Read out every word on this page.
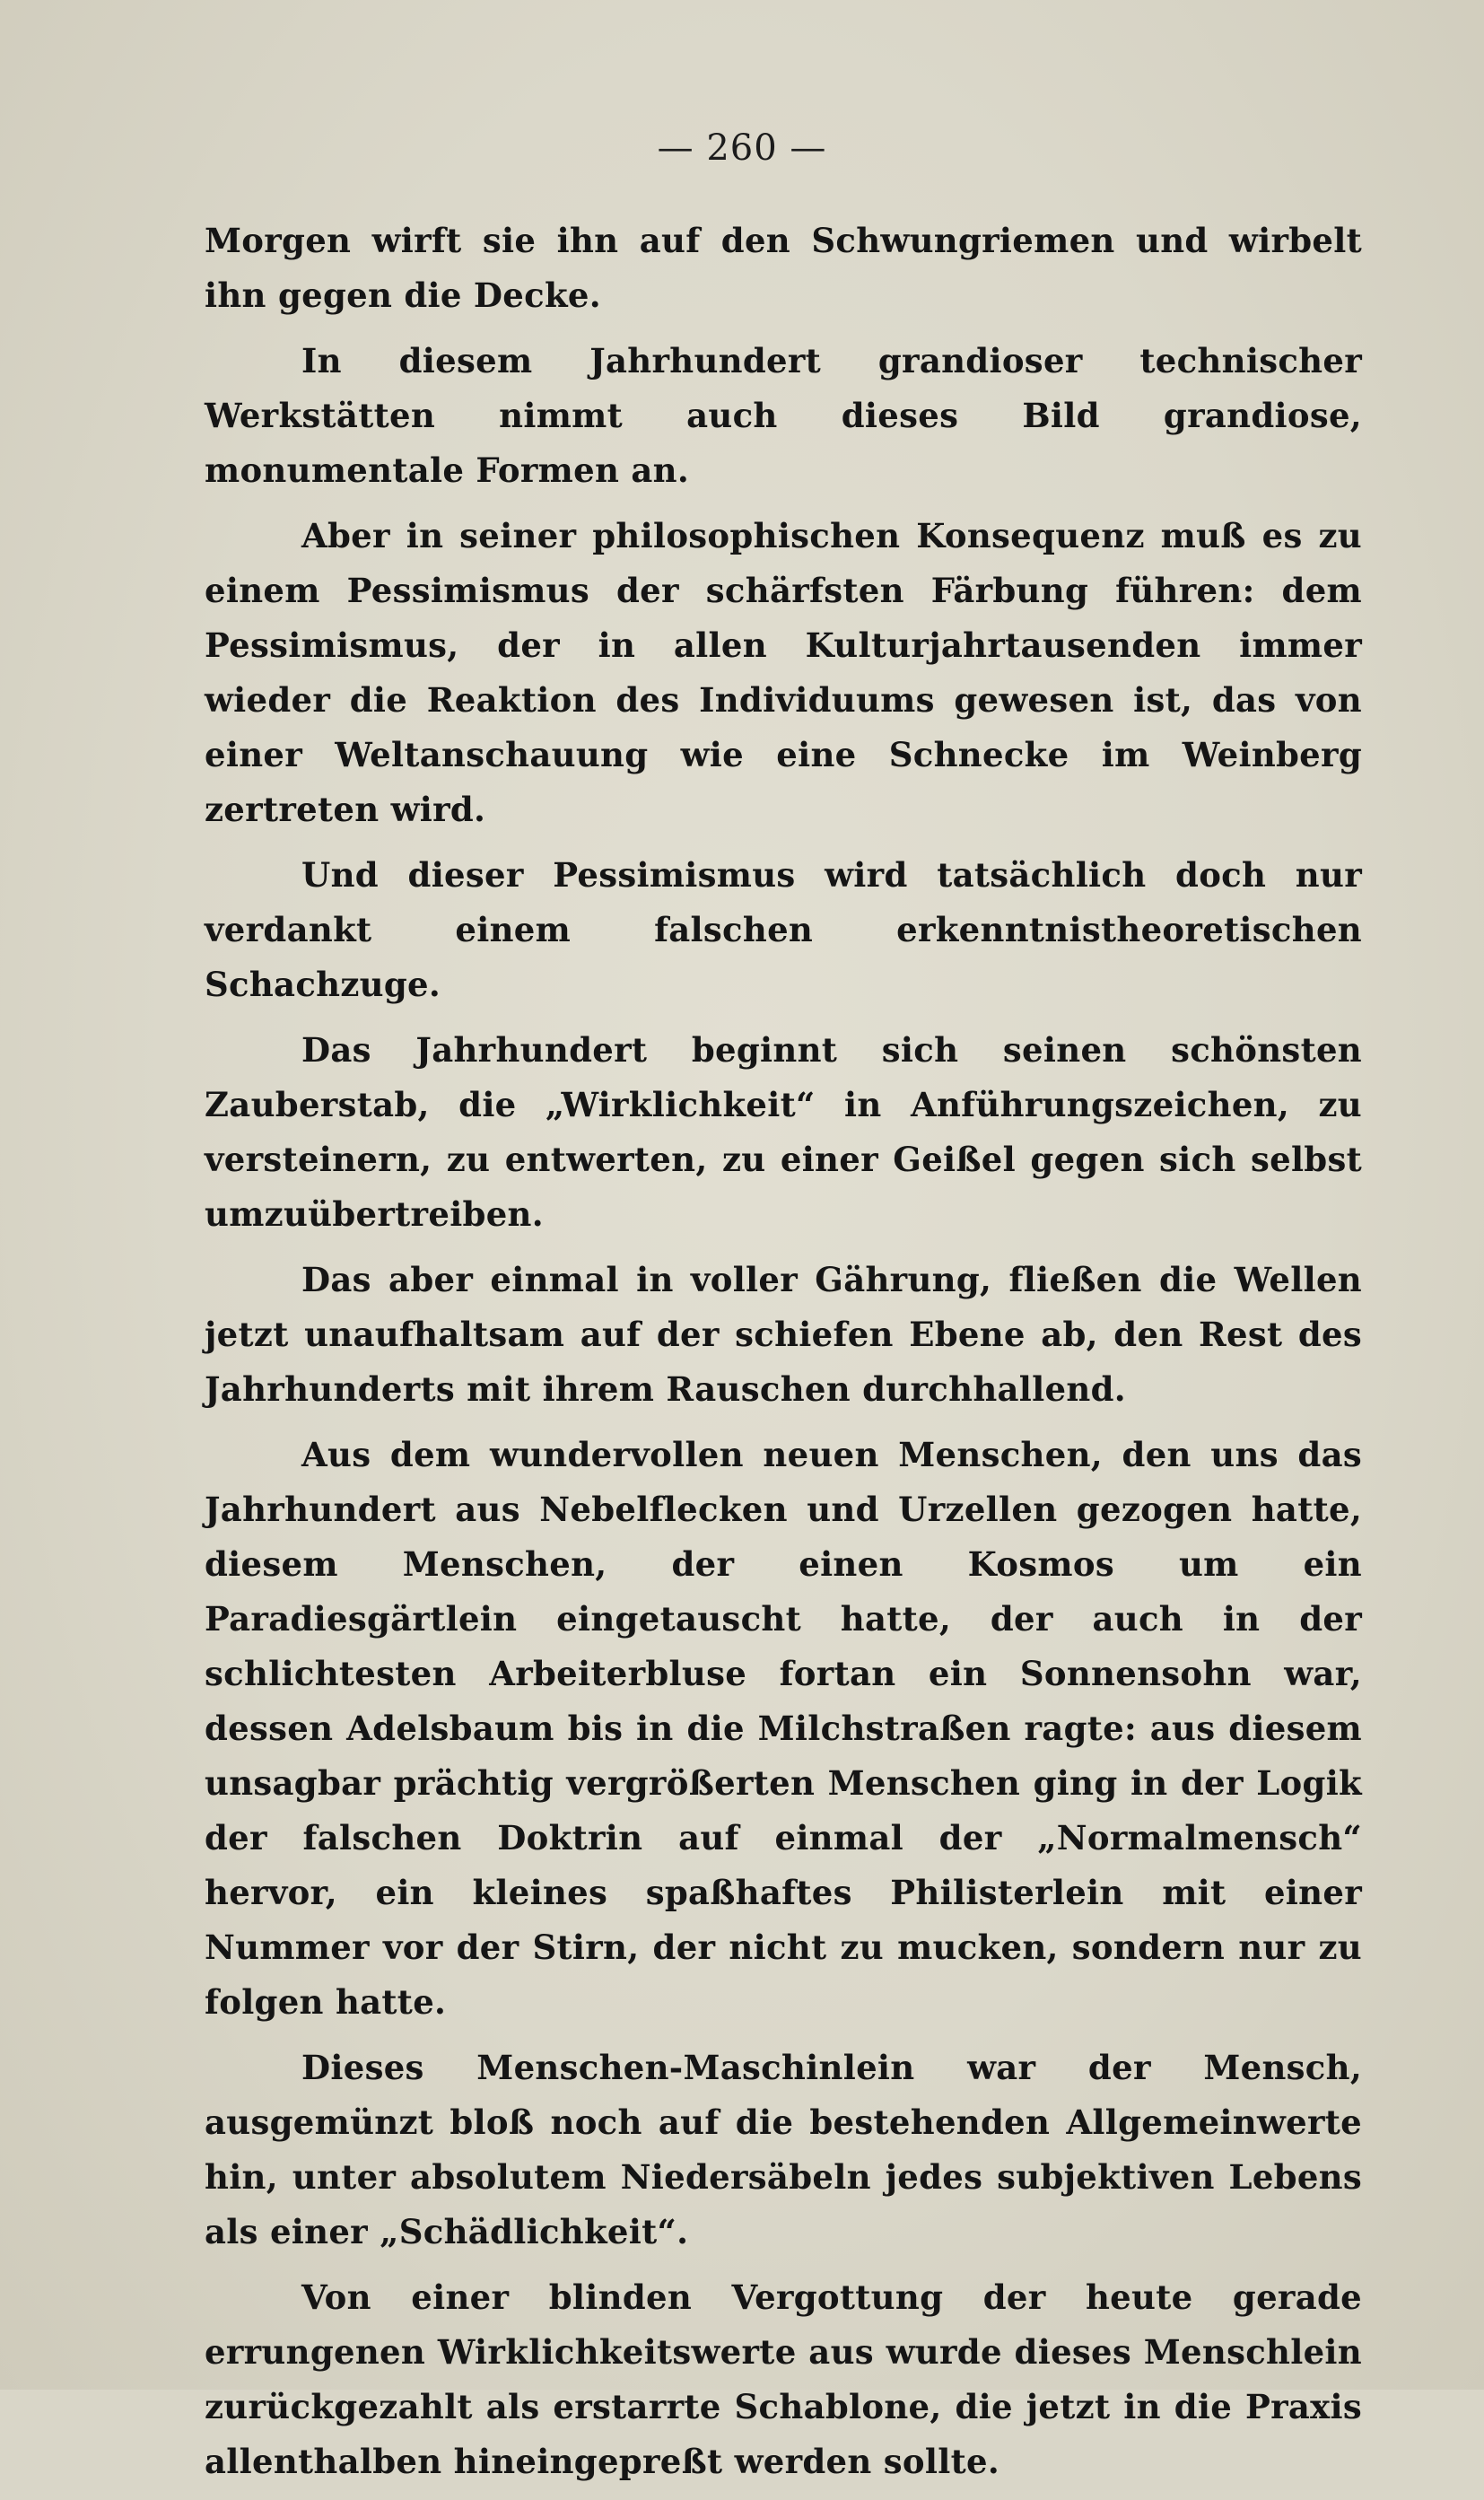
— 260 —

Morgen wirft sie ihn auf den Schwungriemen und wirbelt ihn gegen die Decke.

In diesem Jahrhundert grandioser technischer Werkstätten nimmt auch dieses Bild grandiose, monumentale Formen an.

Aber in seiner philosophischen Konsequenz muß es zu einem Pessimismus der schärfsten Färbung führen: dem Pessimismus, der in allen Kulturjahrtausenden immer wieder die Reaktion des Individuums gewesen ist, das von einer Weltanschauung wie eine Schnecke im Weinberg zertreten wird.

Und dieser Pessimismus wird tatsächlich doch nur verdankt einem falschen erkenntnistheoretischen Schachzuge.

Das Jahrhundert beginnt sich seinen schönsten Zauberstab, die „Wirklichkeit“ in Anführungszeichen, zu versteinern, zu entwerten, zu einer Geißel gegen sich selbst umzuübertreiben.

Das aber einmal in voller Gährung, fließen die Wellen jetzt unaufhaltsam auf der schiefen Ebene ab, den Rest des Jahrhunderts mit ihrem Rauschen durchhallend.

Aus dem wundervollen neuen Menschen, den uns das Jahrhundert aus Nebelflecken und Urzellen gezogen hatte, diesem Menschen, der einen Kosmos um ein Paradiesgärtlein eingetauscht hatte, der auch in der schlichtesten Arbeiterbluse fortan ein Sonnensohn war, dessen Adelsbaum bis in die Milchstraßen ragte: aus diesem unsagbar prächtig vergrößerten Menschen ging in der Logik der falschen Doktrin auf einmal der „Normalmensch“ hervor, ein kleines spaßhaftes Philisterlein mit einer Nummer vor der Stirn, der nicht zu mucken, sondern nur zu folgen hatte.

Dieses Menschen-Maschinlein war der Mensch, ausgemünzt bloß noch auf die bestehenden Allgemeinwerte hin, unter absolutem Niedersäbeln jedes subjektiven Lebens als einer „Schädlichkeit“.

Von einer blinden Vergottung der heute gerade errungenen Wirklichkeitswerte aus wurde dieses Menschlein zurückgezahlt als erstarrte Schablone, die jetzt in die Praxis allenthalben hineingepreßt werden sollte.
